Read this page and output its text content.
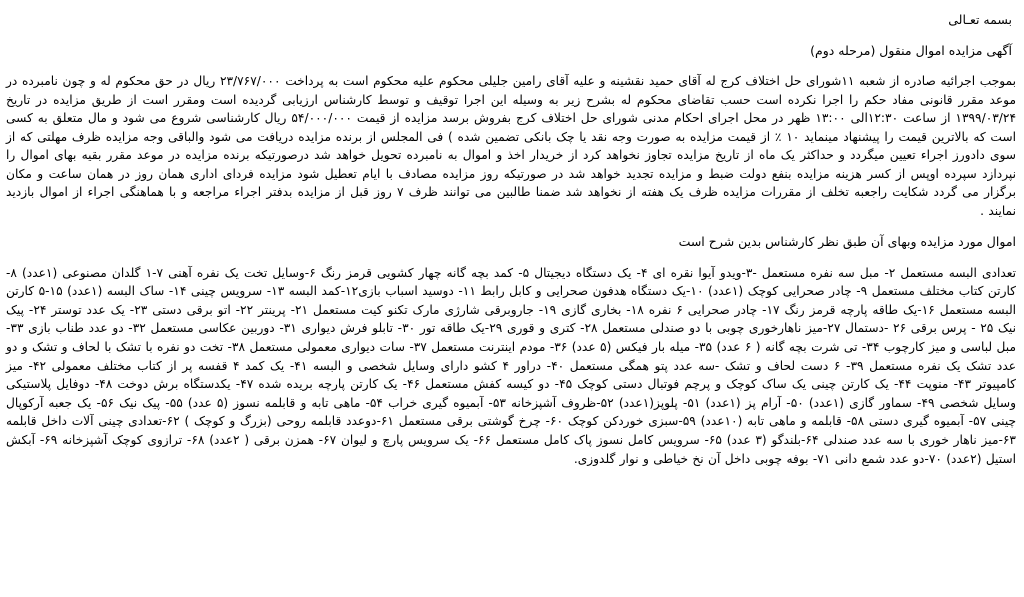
بسمه تعـالی

آگهی مزایده اموال منقول (مرحله دوم)

بموجب اجرائیه صادره از شعبه ۱۱شورای حل اختلاف کرج له آقای حمید نقشینه و علیه آقای رامین جلیلی محکوم علیه محکوم است به پرداخت ۲۳/۷۶۷/۰۰۰ ریال در حق محکوم له و چون نامبرده در موعد مقرر قانونی مفاد حکم را اجرا نکرده است حسب تقاضای محکوم له بشرح زیر به وسیله این اجرا توقیف و توسط کارشناس ارزیابی گردیده است ومقرر است از طریق مزایده در تاریخ ۱۳۹۹/۰۳/۲۴ از ساعت ۱۲:۳۰الی ۱۳:۰۰ ظهر در محل اجرای احکام مدنی شورای حل اختلاف کرج بفروش برسد مزایده از قیمت ۵۴/۰۰۰/۰۰۰ ریال کارشناسی شروع می شود و مال متعلق به کسی است که بالاترین قیمت را پیشنهاد مینماید ۱۰ ٪ از قیمت مزایده به صورت وجه نقد یا چک بانکی تضمین شده ) فی المجلس از برنده مزایده دریافت می شود والباقی وجه مزایده ظرف مهلتی که از سوی دادورز اجراء تعیین میگردد و حداکثر یک ماه از تاریخ مزایده تجاوز نخواهد کرد از خریدار اخذ و اموال به نامبرده تحویل خواهد شد درصورتیکه برنده مزایده در موعد مقرر بقیه بهای اموال را نپردازد سپرده اوپس از کسر هزینه مزایده بنفع دولت ضبط و مزایده تجدید خواهد شد در صورتیکه روز مزایده مصادف با ایام تعطیل شود مزایده فردای اداری همان روز در همان ساعت و مکان برگزار می گردد شکایت راجعبه تخلف از مقررات مزایده ظرف یک هفته از نخواهد شد ضمنا طالبین می توانند ظرف ۷ روز قبل از مزایده بدفتر اجراء مراجعه و با هماهنگی اجراء از اموال بازدید نمایند .

اموال مورد مزایده وبهای آن طبق نظر کارشناس بدین شرح است

تعدادی البسه مستعمل ۲- مبل سه نفره مستعمل -۳-ویدو آیوا نقره ای ۴- یک دستگاه دیجیتال ۵- کمد بچه گانه چهار کشویی قرمز رنگ ۶-وسایل تخت یک نفره آهنی ۷-۱ گلدان مصنوعی (۱عدد) ۸-کارتن کتاب مختلف مستعمل ۹- چادر صحرایی کوچک (۱عدد) ۱۰-یک دستگاه هدفون صحرایی و کابل رابط ۱۱- دوسید اسباب بازی۱۲-کمد البسه ۱۳- سرویس چینی ۱۴- ساک البسه (۱عدد) ۱۵-۵ کارتن البسه مستعمل ۱۶-یک طاقه پارچه قرمز رنگ ۱۷- چادر صحرایی ۶ نفره ۱۸- بخاری گازی ۱۹- جاروبرقی شارژی مارک تکنو کیت مستعمل ۲۱- پرینتر ۲۲- اتو برقی دستی ۲۳- یک عدد توستر ۲۴- پیک نیک ۲۵ - پرس برقی ۲۶ -دستمال ۲۷-میز ناهارخوری چوبی با دو صندلی مستعمل ۲۸- کتری و قوری ۲۹-یک طاقه تور ۳۰- تابلو فرش دیواری ۳۱- دوربین عکاسی مستعمل ۳۲- دو عدد طناب بازی ۳۳- مبل لباسی و میز کارچوب ۳۴- تی شرت بچه گانه ( ۶ عدد) ۳۵- میله بار فیکس (۵ عدد) ۳۶- مودم اینترنت مستعمل ۳۷- سات دیواری معمولی مستعمل ۳۸- تخت دو نفره با تشک با لحاف و تشک و دو عدد تشک یک نفره مستعمل ۳۹- ۶ دست لحاف و تشک -سه عدد پتو همگی مستعمل ۴۰- دراور ۴ کشو دارای وسایل شخصی و البسه ۴۱- یک کمد ۴ قفسه پر از کتاب مختلف معمولی ۴۲- میز کامپیوتر ۴۳- منوپت ۴۴- یک کارتن چینی یک ساک کوچک و پرچم فوتبال دستی کوچک ۴۵- دو کیسه کفش مستعمل ۴۶- یک کارتن پارچه بریده شده ۴۷- یکدستگاه برش دوخت ۴۸- دوفایل پلاستیکی وسایل شخصی ۴۹- سماور گازی (۱عدد) ۵۰- آرام پز (۱عدد) ۵۱- پلوپز(۱عدد) ۵۲-ظروف آشپزخانه ۵۳- آبمیوه گیری خراب ۵۴- ماهی تابه و قابلمه نسوز (۵ عدد) ۵۵- پیک نیک ۵۶- یک جعبه آرکوپال چینی ۵۷- آبمیوه گیری دستی ۵۸- قابلمه و ماهی تابه (۱۰عدد) ۵۹-سبزی خوردکن کوچک ۶۰- چرخ گوشتی برقی مستعمل ۶۱-دوعدد قابلمه روحی (بزرگ و کوچک ) ۶۲-تعدادی چینی آلات داخل قابلمه ۶۳-میز ناهار خوری با سه عدد صندلی ۶۴-بلندگو (۳ عدد) ۶۵- سرویس کامل نسوز پاک کامل مستعمل ۶۶- یک سرویس پارچ و لیوان ۶۷- همزن برقی ( ۲عدد) ۶۸- ترازوی کوچک آشپزخانه ۶۹- آبکش استیل (۲عدد) ۷۰-دو عدد شمع دانی ۷۱- بوفه چوبی داخل آن نخ خیاطی و نوار گلدوزی.
